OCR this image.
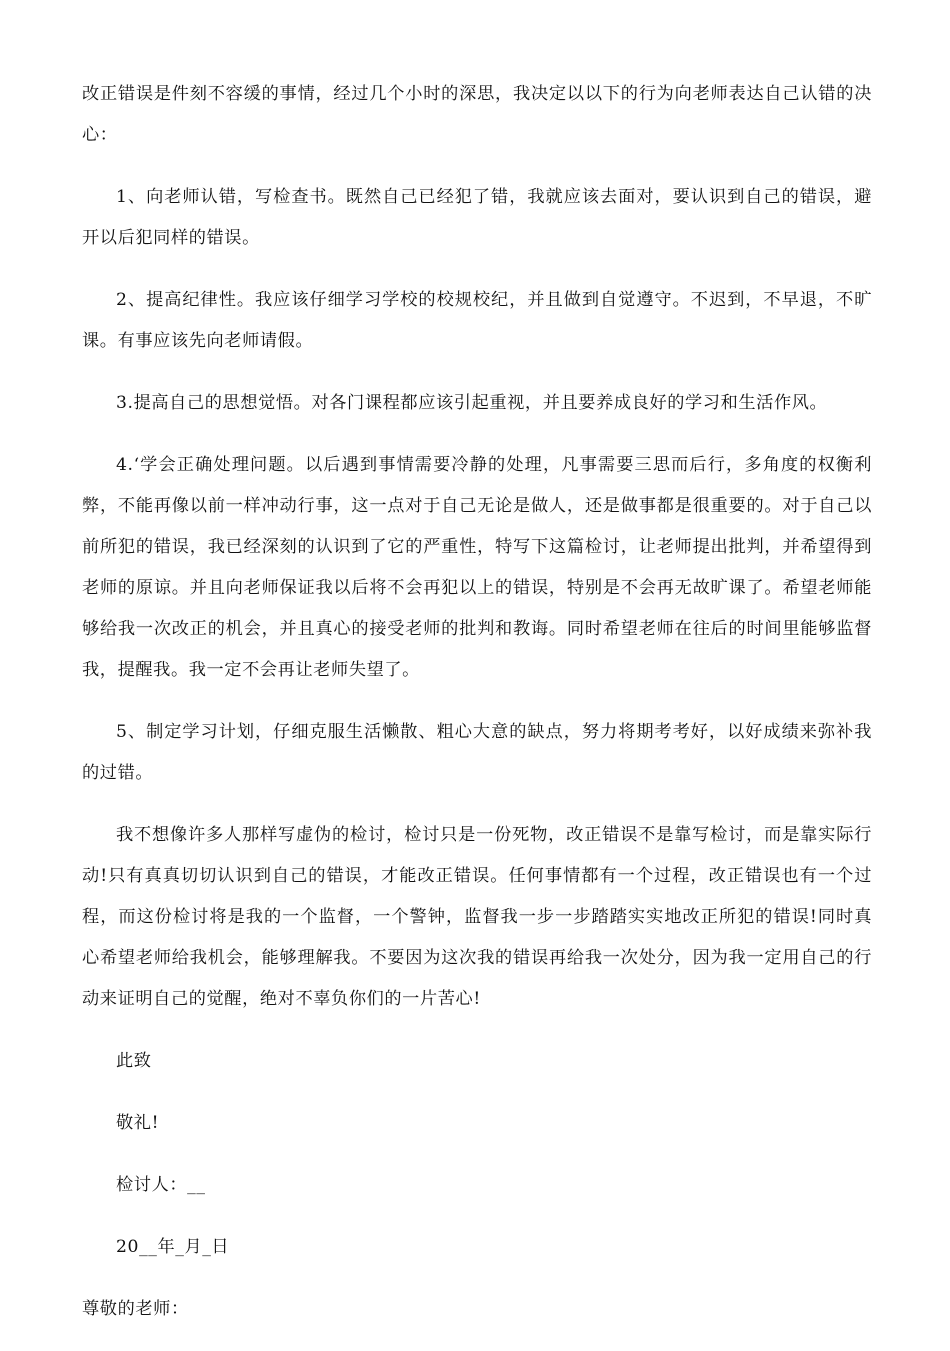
改正错误是件刻不容缓的事情，经过几个小时的深思，我决定以以下的行为向老师表达自己认错的决心：

1、向老师认错，写检查书。既然自己已经犯了错，我就应该去面对，要认识到自己的错误，避开以后犯同样的错误。

2、提高纪律性。我应该仔细学习学校的校规校纪，并且做到自觉遵守。不迟到，不早退，不旷课。有事应该先向老师请假。

3.提高自己的思想觉悟。对各门课程都应该引起重视，并且要养成良好的学习和生活作风。

4.‘学会正确处理问题。以后遇到事情需要冷静的处理，凡事需要三思而后行，多角度的权衡利弊，不能再像以前一样冲动行事，这一点对于自己无论是做人，还是做事都是很重要的。对于自己以前所犯的错误，我已经深刻的认识到了它的严重性，特写下这篇检讨，让老师提出批判，并希望得到老师的原谅。并且向老师保证我以后将不会再犯以上的错误，特别是不会再无故旷课了。希望老师能够给我一次改正的机会，并且真心的接受老师的批判和教诲。同时希望老师在往后的时间里能够监督我，提醒我。我一定不会再让老师失望了。

5、制定学习计划，仔细克服生活懒散、粗心大意的缺点，努力将期考考好，以好成绩来弥补我的过错。

我不想像许多人那样写虚伪的检讨，检讨只是一份死物，改正错误不是靠写检讨，而是靠实际行动!只有真真切切认识到自己的错误，才能改正错误。任何事情都有一个过程，改正错误也有一个过程，而这份检讨将是我的一个监督，一个警钟，监督我一步一步踏踏实实地改正所犯的错误!同时真心希望老师给我机会，能够理解我。不要因为这次我的错误再给我一次处分，因为我一定用自己的行动来证明自己的觉醒，绝对不辜负你们的一片苦心!

此致

敬礼!

检讨人：__

20__年_月_日

尊敬的老师：
